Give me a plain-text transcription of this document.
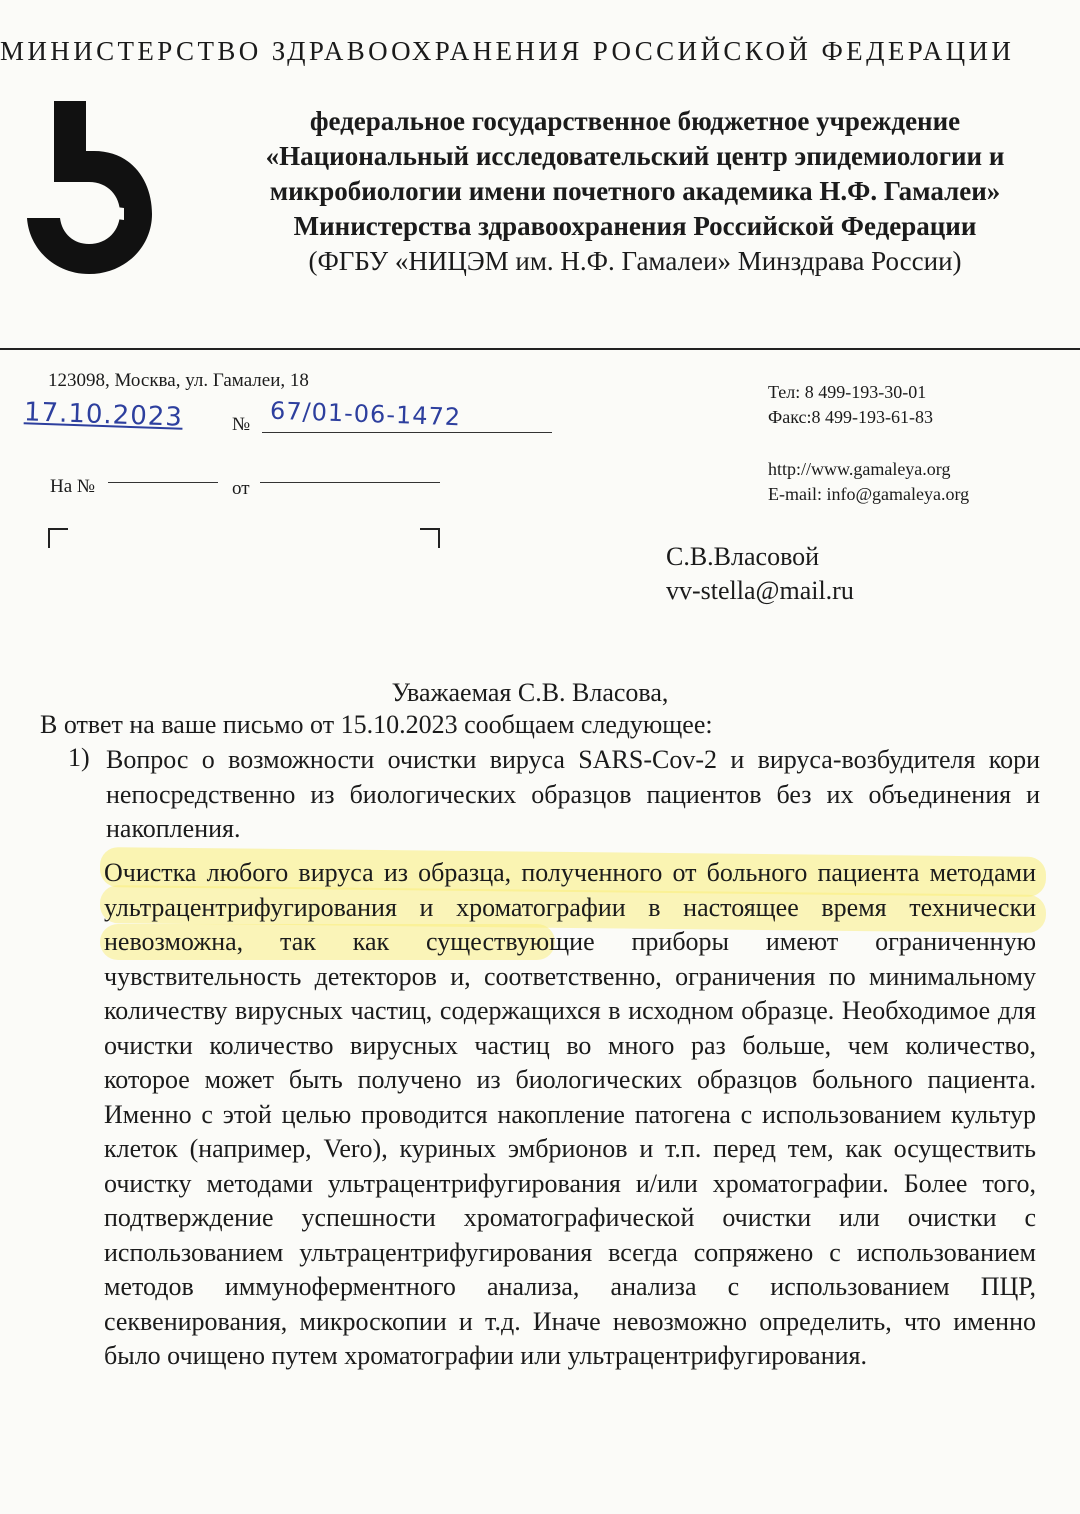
МИНИСТЕРСТВО ЗДРАВООХРАНЕНИЯ РОССИЙСКОЙ ФЕДЕРАЦИИ
федеральное государственное бюджетное учреждение
«Национальный исследовательский центр эпидемиологии и
микробиологии имени почетного академика Н.Ф. Гамалеи»
Министерства здравоохранения Российской Федерации
(ФГБУ «НИЦЭМ им. Н.Ф. Гамалеи» Минздрава России)
123098, Москва, ул. Гамалеи, 18
17.10.2023	№ 67/01-06-1472
Тел: 8 499-193-30-01
Факс:8 499-193-61-83
http://www.gamaleya.org
E-mail: info@gamaleya.org
На №	от
С.В.Власовой
vv-stella@mail.ru
Уважаемая С.В. Власова,
В ответ на ваше письмо от 15.10.2023 сообщаем следующее:
1) Вопрос о возможности очистки вируса SARS-Cov-2 и вируса-возбудителя кори непосредственно из биологических образцов пациентов без их объединения и накопления.
Очистка любого вируса из образца, полученного от больного пациента методами ультрацентрифугирования и хроматографии в настоящее время технически невозможна, так как существующие приборы имеют ограниченную чувствительность детекторов и, соответственно, ограничения по минимальному количеству вирусных частиц, содержащихся в исходном образце. Необходимое для очистки количество вирусных частиц во много раз больше, чем количество, которое может быть получено из биологических образцов больного пациента. Именно с этой целью проводится накопление патогена с использованием культур клеток (например, Vero), куриных эмбрионов и т.п. перед тем, как осуществить очистку методами ультрацентрифугирования и/или хроматографии. Более того, подтверждение успешности хроматографической очистки или очистки с использованием ультрацентрифугирования всегда сопряжено с использованием методов иммуноферментного анализа, анализа с использованием ПЦР, секвенирования, микроскопии и т.д. Иначе невозможно определить, что именно было очищено путем хроматографии или ультрацентрифугирования.
